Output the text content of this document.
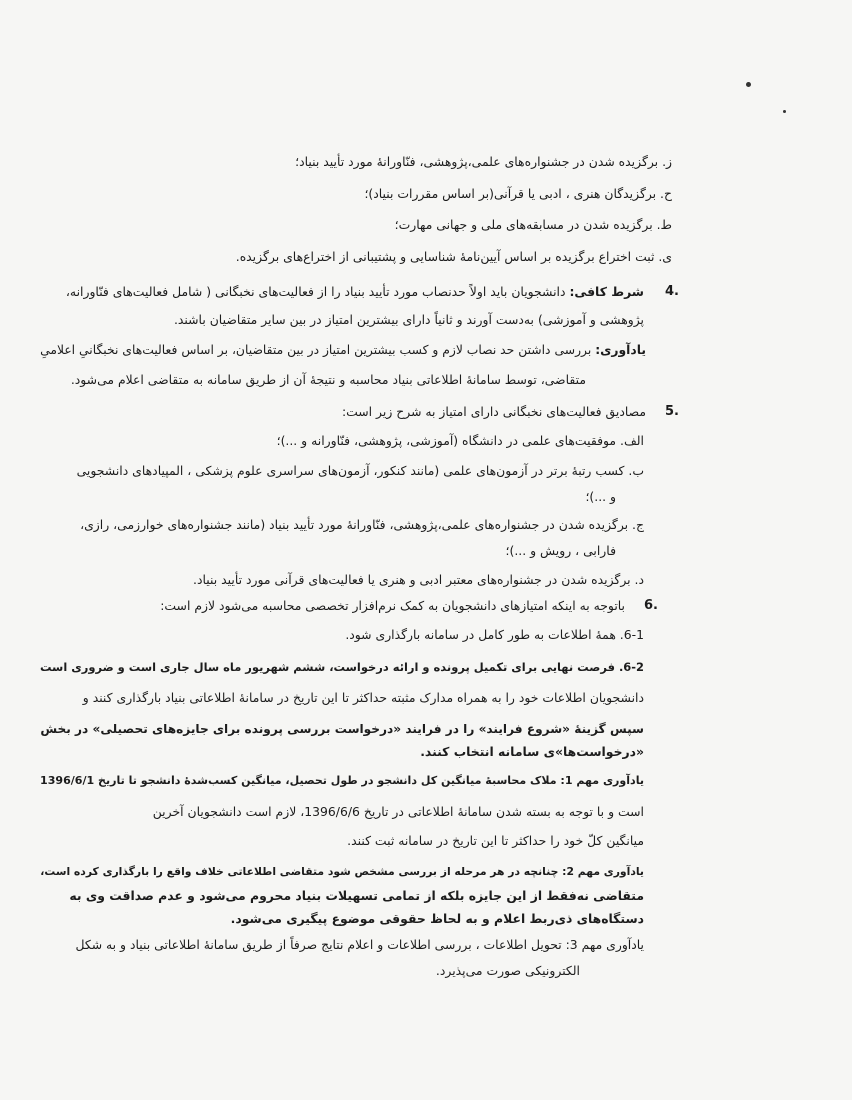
ز. برگزیده شدن در جشنواره‌های علمی،پژوهشی، فنّاورانهٔ مورد تأیید بنیاد؛
ح. برگزیدگان هنری ، ادبی یا قرآنی(بر اساس مقررات بنیاد)؛
ط. برگزیده شدن در مسابقه‌های ملی و جهانی مهارت؛
ی. ثبت اختراع برگزیده بر اساس آیین‌نامهٔ شناسایی و پشتیبانی از اختراع‌های برگزیده.
4.
شرط کافی: دانشجویان باید اولاً حدنصاب مورد تأیید بنیاد را از فعالیت‌های نخبگانی ( شامل فعالیت‌های فنّاورانه،
پژوهشی و آموزشی) به‌دست آورند و ثانیاً دارای بیشترین امتیاز در بین سایر متقاضیان باشند.
یادآوری: بررسی داشتن حد نصاب لازم و کسب بیشترین امتیاز در بین متقاضیان، بر اساس فعالیت‌های نخبگانیِ اعلامیِ
متقاضی، توسط سامانهٔ اطلاعاتی بنیاد محاسبه و نتیجهٔ آن از طریق سامانه به متقاضی اعلام می‌شود.
5.
مصادیق فعالیت‌های نخبگانی دارای امتیاز به شرح زیر است:
الف. موفقیت‌های علمی در دانشگاه (آموزشی، پژوهشی، فنّاورانه و ...)؛
ب. کسب رتبهٔ برتر در آزمون‌های علمی (مانند کنکور، آزمون‌های سراسری علوم پزشکی ، المپیادهای دانشجویی
و ...)؛
ج. برگزیده شدن در جشنواره‌های علمی،پژوهشی، فنّاورانهٔ مورد تأیید بنیاد (مانند جشنواره‌های خوارزمی، رازی،
فارابی ، رویش و ...)؛
د. برگزیده شدن در جشنواره‌های معتبر ادبی و هنری یا فعالیت‌های قرآنی مورد تأیید بنیاد.
6.
باتوجه به اینکه امتیازهای دانشجویان به کمک نرم‌افزار تخصصی محاسبه می‌شود لازم است:
6-1. همهٔ اطلاعات به طور کامل در سامانه بارگذاری شود.
6-2. فرصت نهایی برای تکمیل پرونده و ارائه درخواست، ششم شهریور ماه سال جاری است و ضروری است
دانشجویان اطلاعات خود را به همراه مدارک مثبته حداکثر تا این تاریخ در سامانهٔ اطلاعاتی بنیاد بارگذاری کنند و
سپس گزینهٔ «شروع فرایند» را در فرایند «درخواست بررسی پرونده برای جایزه‌های تحصیلی» در بخش
«درخواست‌ها»ی سامانه انتخاب کنند.
یادآوری مهم 1: ملاک محاسبهٔ میانگین کل دانشجو در طول تحصیل، میانگین کسب‌شدهٔ دانشجو تا تاریخ 1396/6/1
است و با توجه به بسته شدن سامانهٔ اطلاعاتی در تاریخ 1396/6/6، لازم است دانشجویان آخرین
میانگین کلّ خود را حداکثر تا این تاریخ در سامانه ثبت کنند.
یادآوری مهم 2: چنانچه در هر مرحله از بررسی مشخص شود متقاضی اطلاعاتی خلاف واقع را بارگذاری کرده است،
متقاضی نه‌فقط از این جایزه بلکه از تمامی تسهیلات بنیاد محروم می‌شود و عدم صداقت وی به
دستگاه‌های ذی‌ربط اعلام و به لحاظ حقوقی موضوع پیگیری می‌شود.
یادآوری مهم 3: تحویل اطلاعات ، بررسی اطلاعات و اعلام نتایج صرفاً از طریق سامانهٔ اطلاعاتی بنیاد و به شکل
الکترونیکی صورت می‌پذیرد.
